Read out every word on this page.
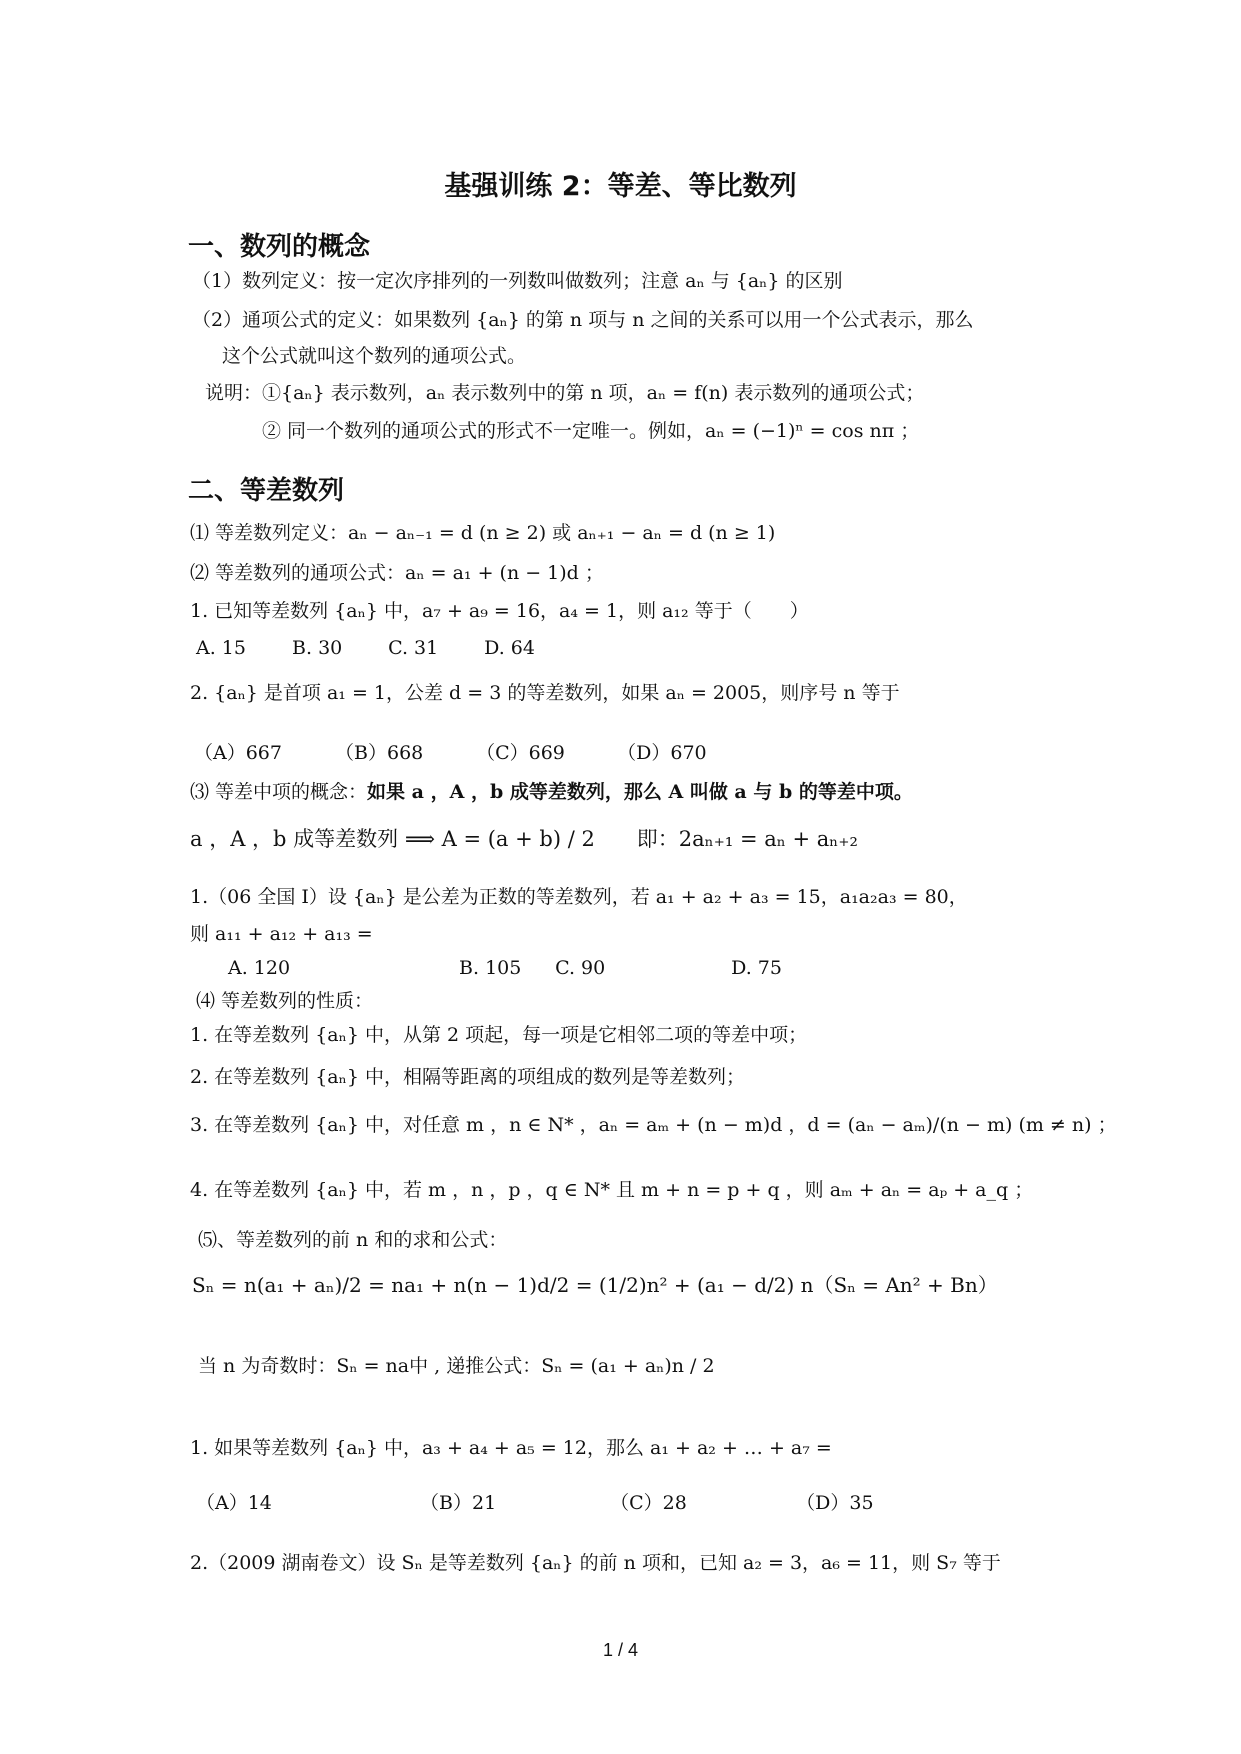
基强训练 2：等差、等比数列
一、数列的概念
（1）数列定义：按一定次序排列的一列数叫做数列；注意 aₙ 与 {aₙ} 的区别
（2）通项公式的定义：如果数列 {aₙ} 的第 n 项与 n 之间的关系可以用一个公式表示，那么
这个公式就叫这个数列的通项公式。
说明：①{aₙ} 表示数列，aₙ 表示数列中的第 n 项，aₙ = f(n) 表示数列的通项公式；
② 同一个数列的通项公式的形式不一定唯一。例如，aₙ = (−1)ⁿ = cos nπ ；
二、等差数列
⑴ 等差数列定义：aₙ − aₙ₋₁ = d (n ≥ 2) 或 aₙ₊₁ − aₙ = d (n ≥ 1)
⑵ 等差数列的通项公式：aₙ = a₁ + (n − 1)d ；
1. 已知等差数列 {aₙ} 中，a₇ + a₉ = 16，a₄ = 1，则 a₁₂ 等于（　　）
A. 15 B. 30 C. 31 D. 64
2. {aₙ} 是首项 a₁ = 1，公差 d = 3 的等差数列，如果 aₙ = 2005，则序号 n 等于
（A）667	（B）668	（C）669	（D）670
⑶ 等差中项的概念：如果 a ，A ，b 成等差数列，那么 A 叫做 a 与 b 的等差中项。
a ，A ，b 成等差数列 ⟹ A = (a + b) / 2　　即：2aₙ₊₁ = aₙ + aₙ₊₂
1.（06 全国 I）设 {aₙ} 是公差为正数的等差数列，若 a₁ + a₂ + a₃ = 15，a₁a₂a₃ = 80，
则 a₁₁ + a₁₂ + a₁₃ =
A. 120	B. 105 C. 90	D. 75
⑷ 等差数列的性质：
1. 在等差数列 {aₙ} 中，从第 2 项起，每一项是它相邻二项的等差中项；
2. 在等差数列 {aₙ} 中，相隔等距离的项组成的数列是等差数列；
3. 在等差数列 {aₙ} 中，对任意 m ，n ∈ N* ，aₙ = aₘ + (n − m)d ，d = (aₙ − aₘ)/(n − m) (m ≠ n) ；
4. 在等差数列 {aₙ} 中，若 m ，n ，p ，q ∈ N* 且 m + n = p + q ，则 aₘ + aₙ = aₚ + a_q ；
⑸、等差数列的前 n 和的求和公式：
Sₙ = n(a₁ + aₙ)/2 = na₁ + n(n − 1)d/2 = (1/2)n² + (a₁ − d/2) n（Sₙ = An² + Bn）
当 n 为奇数时：Sₙ = na中 , 递推公式：Sₙ = (a₁ + aₙ)n / 2
1. 如果等差数列 {aₙ} 中，a₃ + a₄ + a₅ = 12，那么 a₁ + a₂ + … + a₇ =
（A）14	（B）21	（C）28	（D）35
2.（2009 湖南卷文）设 Sₙ 是等差数列 {aₙ} 的前 n 项和，已知 a₂ = 3，a₆ = 11，则 S₇ 等于
1 / 4
